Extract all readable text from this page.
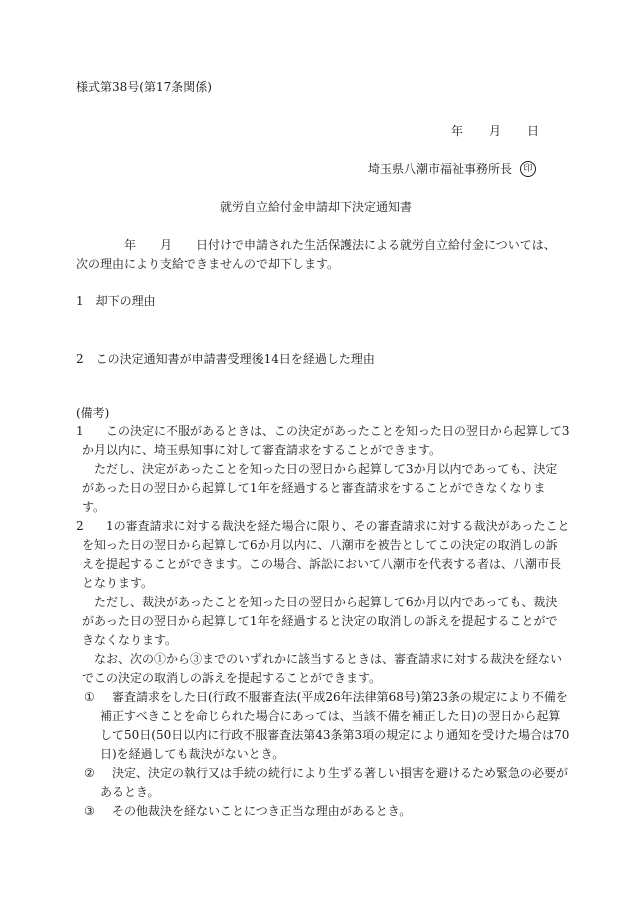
様式第38号(第17条関係)
年 月 日
埼玉県八潮市福祉事務所長 印
就労自立給付金申請却下決定通知書
　　　　年　　月　　日付けで申請された生活保護法による就労自立給付金については、
次の理由により支給できませんので却下します。
1　却下の理由
2　この決定通知書が申請書受理後14日を経過した理由
(備考)
1 　この決定に不服があるときは、この決定があったことを知った日の翌日から起算して3
か月以内に、埼玉県知事に対して審査請求をすることができます。
　ただし、決定があったことを知った日の翌日から起算して3か月以内であっても、決定
があった日の翌日から起算して1年を経過すると審査請求をすることができなくなりま
す。
2 　1の審査請求に対する裁決を経た場合に限り、その審査請求に対する裁決があったこと
を知った日の翌日から起算して6か月以内に、八潮市を被告としてこの決定の取消しの訴
えを提起することができます。この場合、訴訟において八潮市を代表する者は、八潮市長
となります。
　ただし、裁決があったことを知った日の翌日から起算して6か月以内であっても、裁決
があった日の翌日から起算して1年を経過すると決定の取消しの訴えを提起することがで
きなくなります。
　なお、次の①から③までのいずれかに該当するときは、審査請求に対する裁決を経ない
でこの決定の取消しの訴えを提起することができます。
① 　審査請求をした日(行政不服審査法(平成26年法律第68号)第23条の規定により不備を
補正すべきことを命じられた場合にあっては、当該不備を補正した日)の翌日から起算
して50日(50日以内に行政不服審査法第43条第3項の規定により通知を受けた場合は70
日)を経過しても裁決がないとき。
② 　決定、決定の執行又は手続の続行により生ずる著しい損害を避けるため緊急の必要が
あるとき。
③ 　その他裁決を経ないことにつき正当な理由があるとき。
